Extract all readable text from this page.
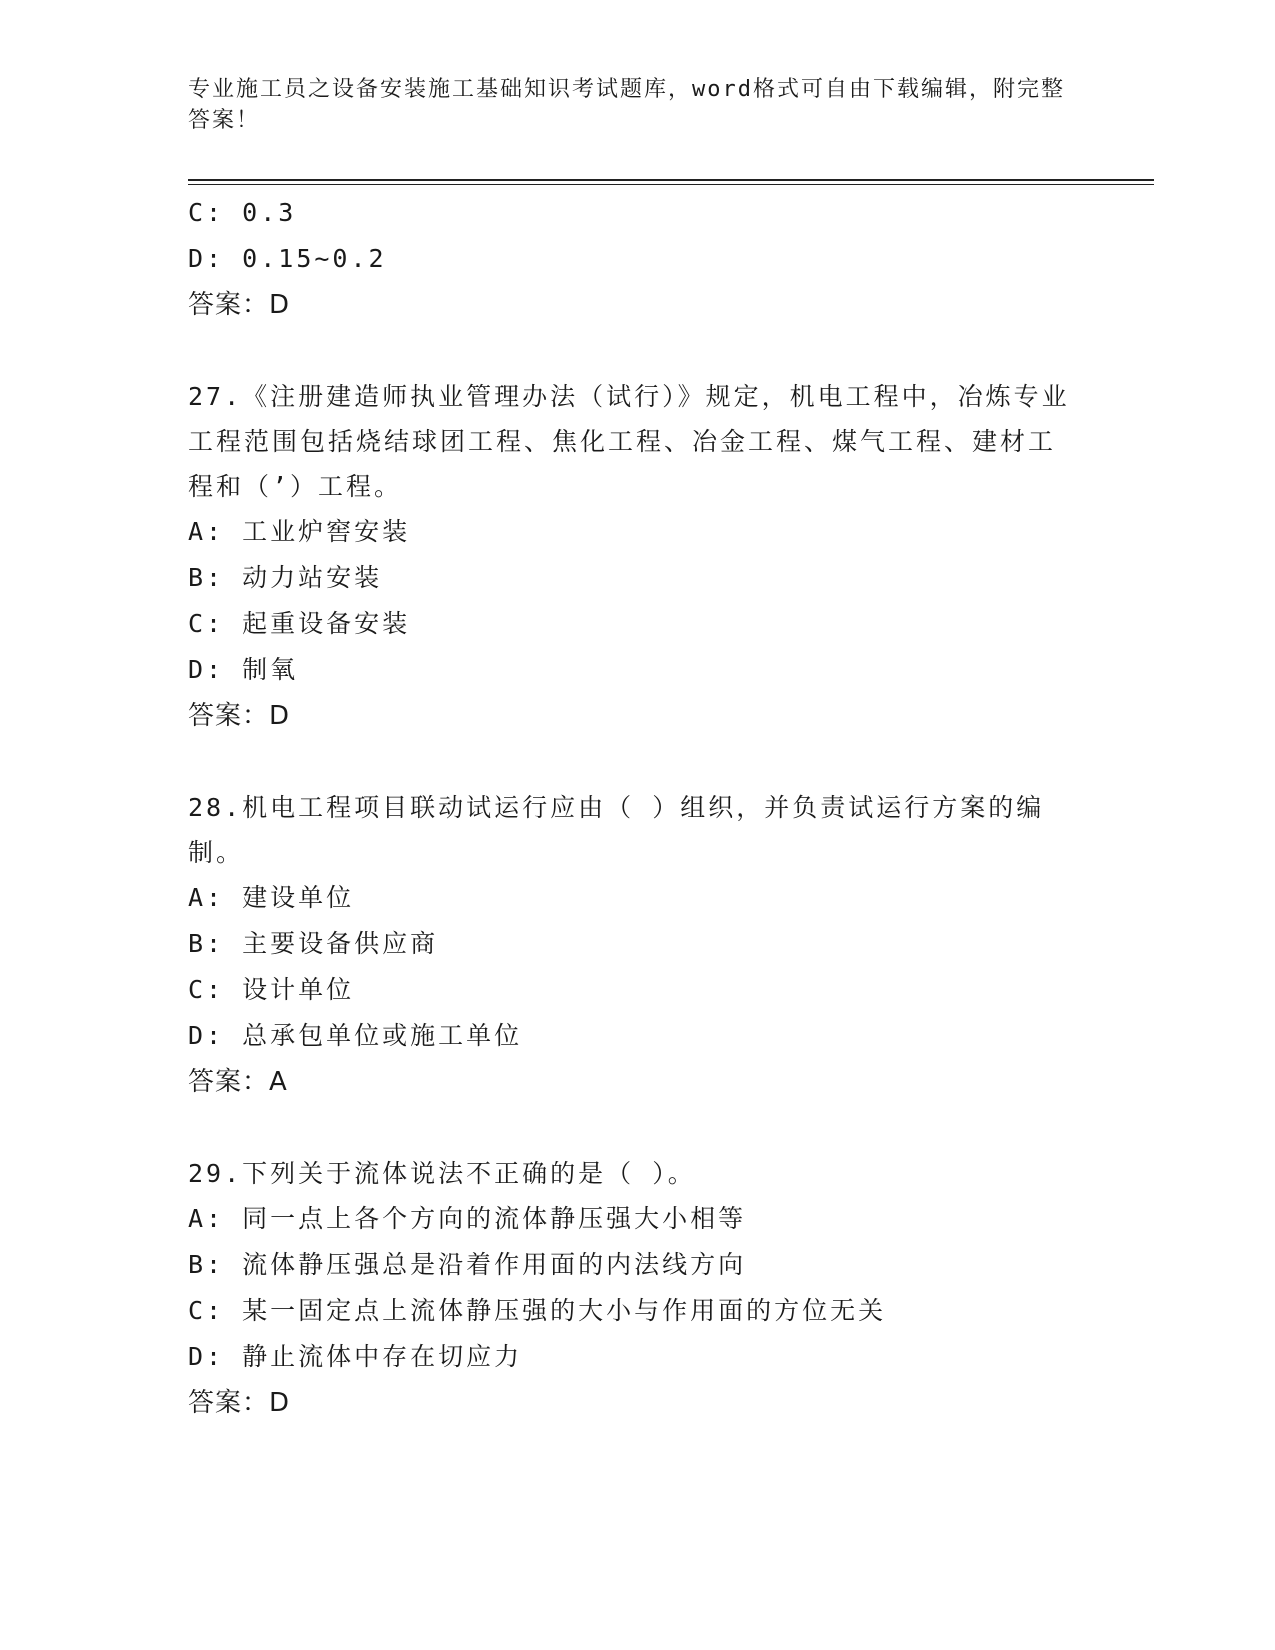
专业施工员之设备安装施工基础知识考试题库，word格式可自由下载编辑，附完整答案！
C: 0.3
D: 0.15~0.2
答案：D
27.《注册建造师执业管理办法（试行）》规定，机电工程中，冶炼专业工程范围包括烧结球团工程、焦化工程、冶金工程、煤气工程、建材工程和（’）工程。
A: 工业炉窖安装
B: 动力站安装
C: 起重设备安装
D: 制氧
答案：D
28.机电工程项目联动试运行应由（ ）组织，并负责试运行方案的编制。
A: 建设单位
B: 主要设备供应商
C: 设计单位
D: 总承包单位或施工单位
答案：A
29.下列关于流体说法不正确的是（ ）。
A: 同一点上各个方向的流体静压强大小相等
B: 流体静压强总是沿着作用面的内法线方向
C: 某一固定点上流体静压强的大小与作用面的方位无关
D: 静止流体中存在切应力
答案：D
